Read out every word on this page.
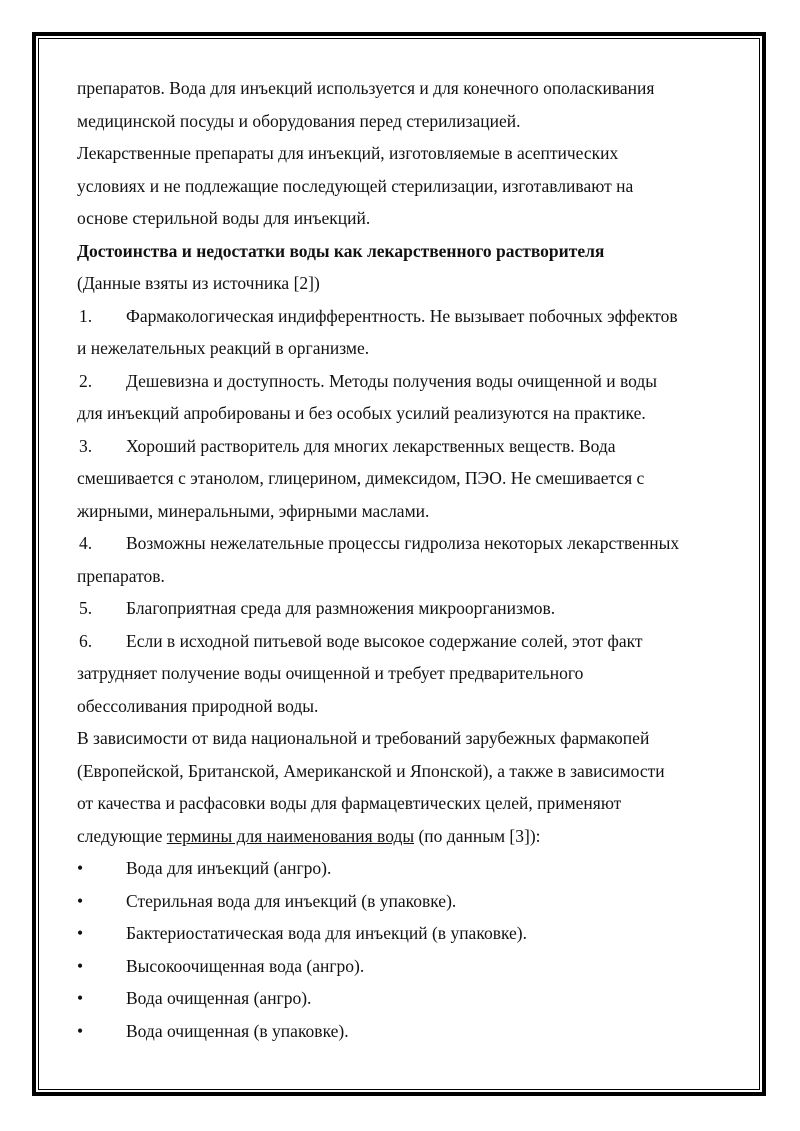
препаратов. Вода для инъекций используется и для конечного ополаскивания
медицинской посуды и оборудования перед стерилизацией.
Лекарственные препараты для инъекций, изготовляемые в асептических
условиях и не подлежащие последующей стерилизации, изготавливают на
основе стерильной воды для инъекций.
Достоинства и недостатки воды как лекарственного растворителя
(Данные взяты из источника [2])
1. Фармакологическая индифферентность. Не вызывает побочных эффектов
и нежелательных реакций в организме.
2. Дешевизна и доступность. Методы получения воды очищенной и воды
для инъекций апробированы и без особых усилий реализуются на практике.
3. Хороший растворитель для многих лекарственных веществ. Вода
смешивается с этанолом, глицерином, димексидом, ПЭО. Не смешивается с
жирными, минеральными, эфирными маслами.
4. Возможны нежелательные процессы гидролиза некоторых лекарственных
препаратов.
5. Благоприятная среда для размножения микроорганизмов.
6. Если в исходной питьевой воде высокое содержание солей, этот факт
затрудняет получение воды очищенной и требует предварительного
обессоливания природной воды.
В зависимости от вида национальной и требований зарубежных фармакопей
(Европейской, Британской, Американской и Японской), а также в зависимости
от качества и расфасовки воды для фармацевтических целей, применяют
следующие термины для наименования воды (по данным [3]):
• Вода для инъекций (ангро).
• Стерильная вода для инъекций (в упаковке).
• Бактериостатическая вода для инъекций (в упаковке).
• Высокоочищенная вода (ангро).
• Вода очищенная (ангро).
• Вода очищенная (в упаковке).
